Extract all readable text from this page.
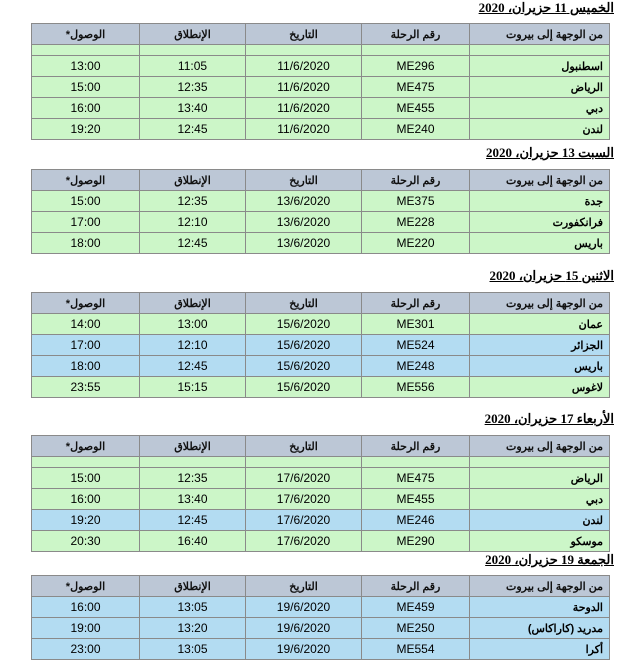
الخميس 11 حزيران، 2020
من الوجهة إلى بيروت	رقم الرحلة	التاريخ	الإنطلاق	الوصول*

اسطنبول	ME296	11/6/2020	11:05	13:00
الرياض	ME475	11/6/2020	12:35	15:00
دبي	ME455	11/6/2020	13:40	16:00
لندن	ME240	11/6/2020	12:45	19:20
السبت 13 حزيران، 2020
من الوجهة إلى بيروت	رقم الرحلة	التاريخ	الإنطلاق	الوصول*
جدة	ME375	13/6/2020	12:35	15:00
فرانكفورت	ME228	13/6/2020	12:10	17:00
باريس	ME220	13/6/2020	12:45	18:00
الاثنين 15 حزيران، 2020
من الوجهة إلى بيروت	رقم الرحلة	التاريخ	الإنطلاق	الوصول*
عمان	ME301	15/6/2020	13:00	14:00
الجزائر	ME524	15/6/2020	12:10	17:00
باريس	ME248	15/6/2020	12:45	18:00
لاغوس	ME556	15/6/2020	15:15	23:55
الأربعاء 17 حزيران، 2020
من الوجهة إلى بيروت	رقم الرحلة	التاريخ	الإنطلاق	الوصول*

الرياض	ME475	17/6/2020	12:35	15:00
دبي	ME455	17/6/2020	13:40	16:00
لندن	ME246	17/6/2020	12:45	19:20
موسكو	ME290	17/6/2020	16:40	20:30
الجمعة 19 حزيران، 2020
من الوجهة إلى بيروت	رقم الرحلة	التاريخ	الإنطلاق	الوصول*
الدوحة	ME459	19/6/2020	13:05	16:00
مدريد (كاراكاس)	ME250	19/6/2020	13:20	19:00
أكرا	ME554	19/6/2020	13:05	23:00
